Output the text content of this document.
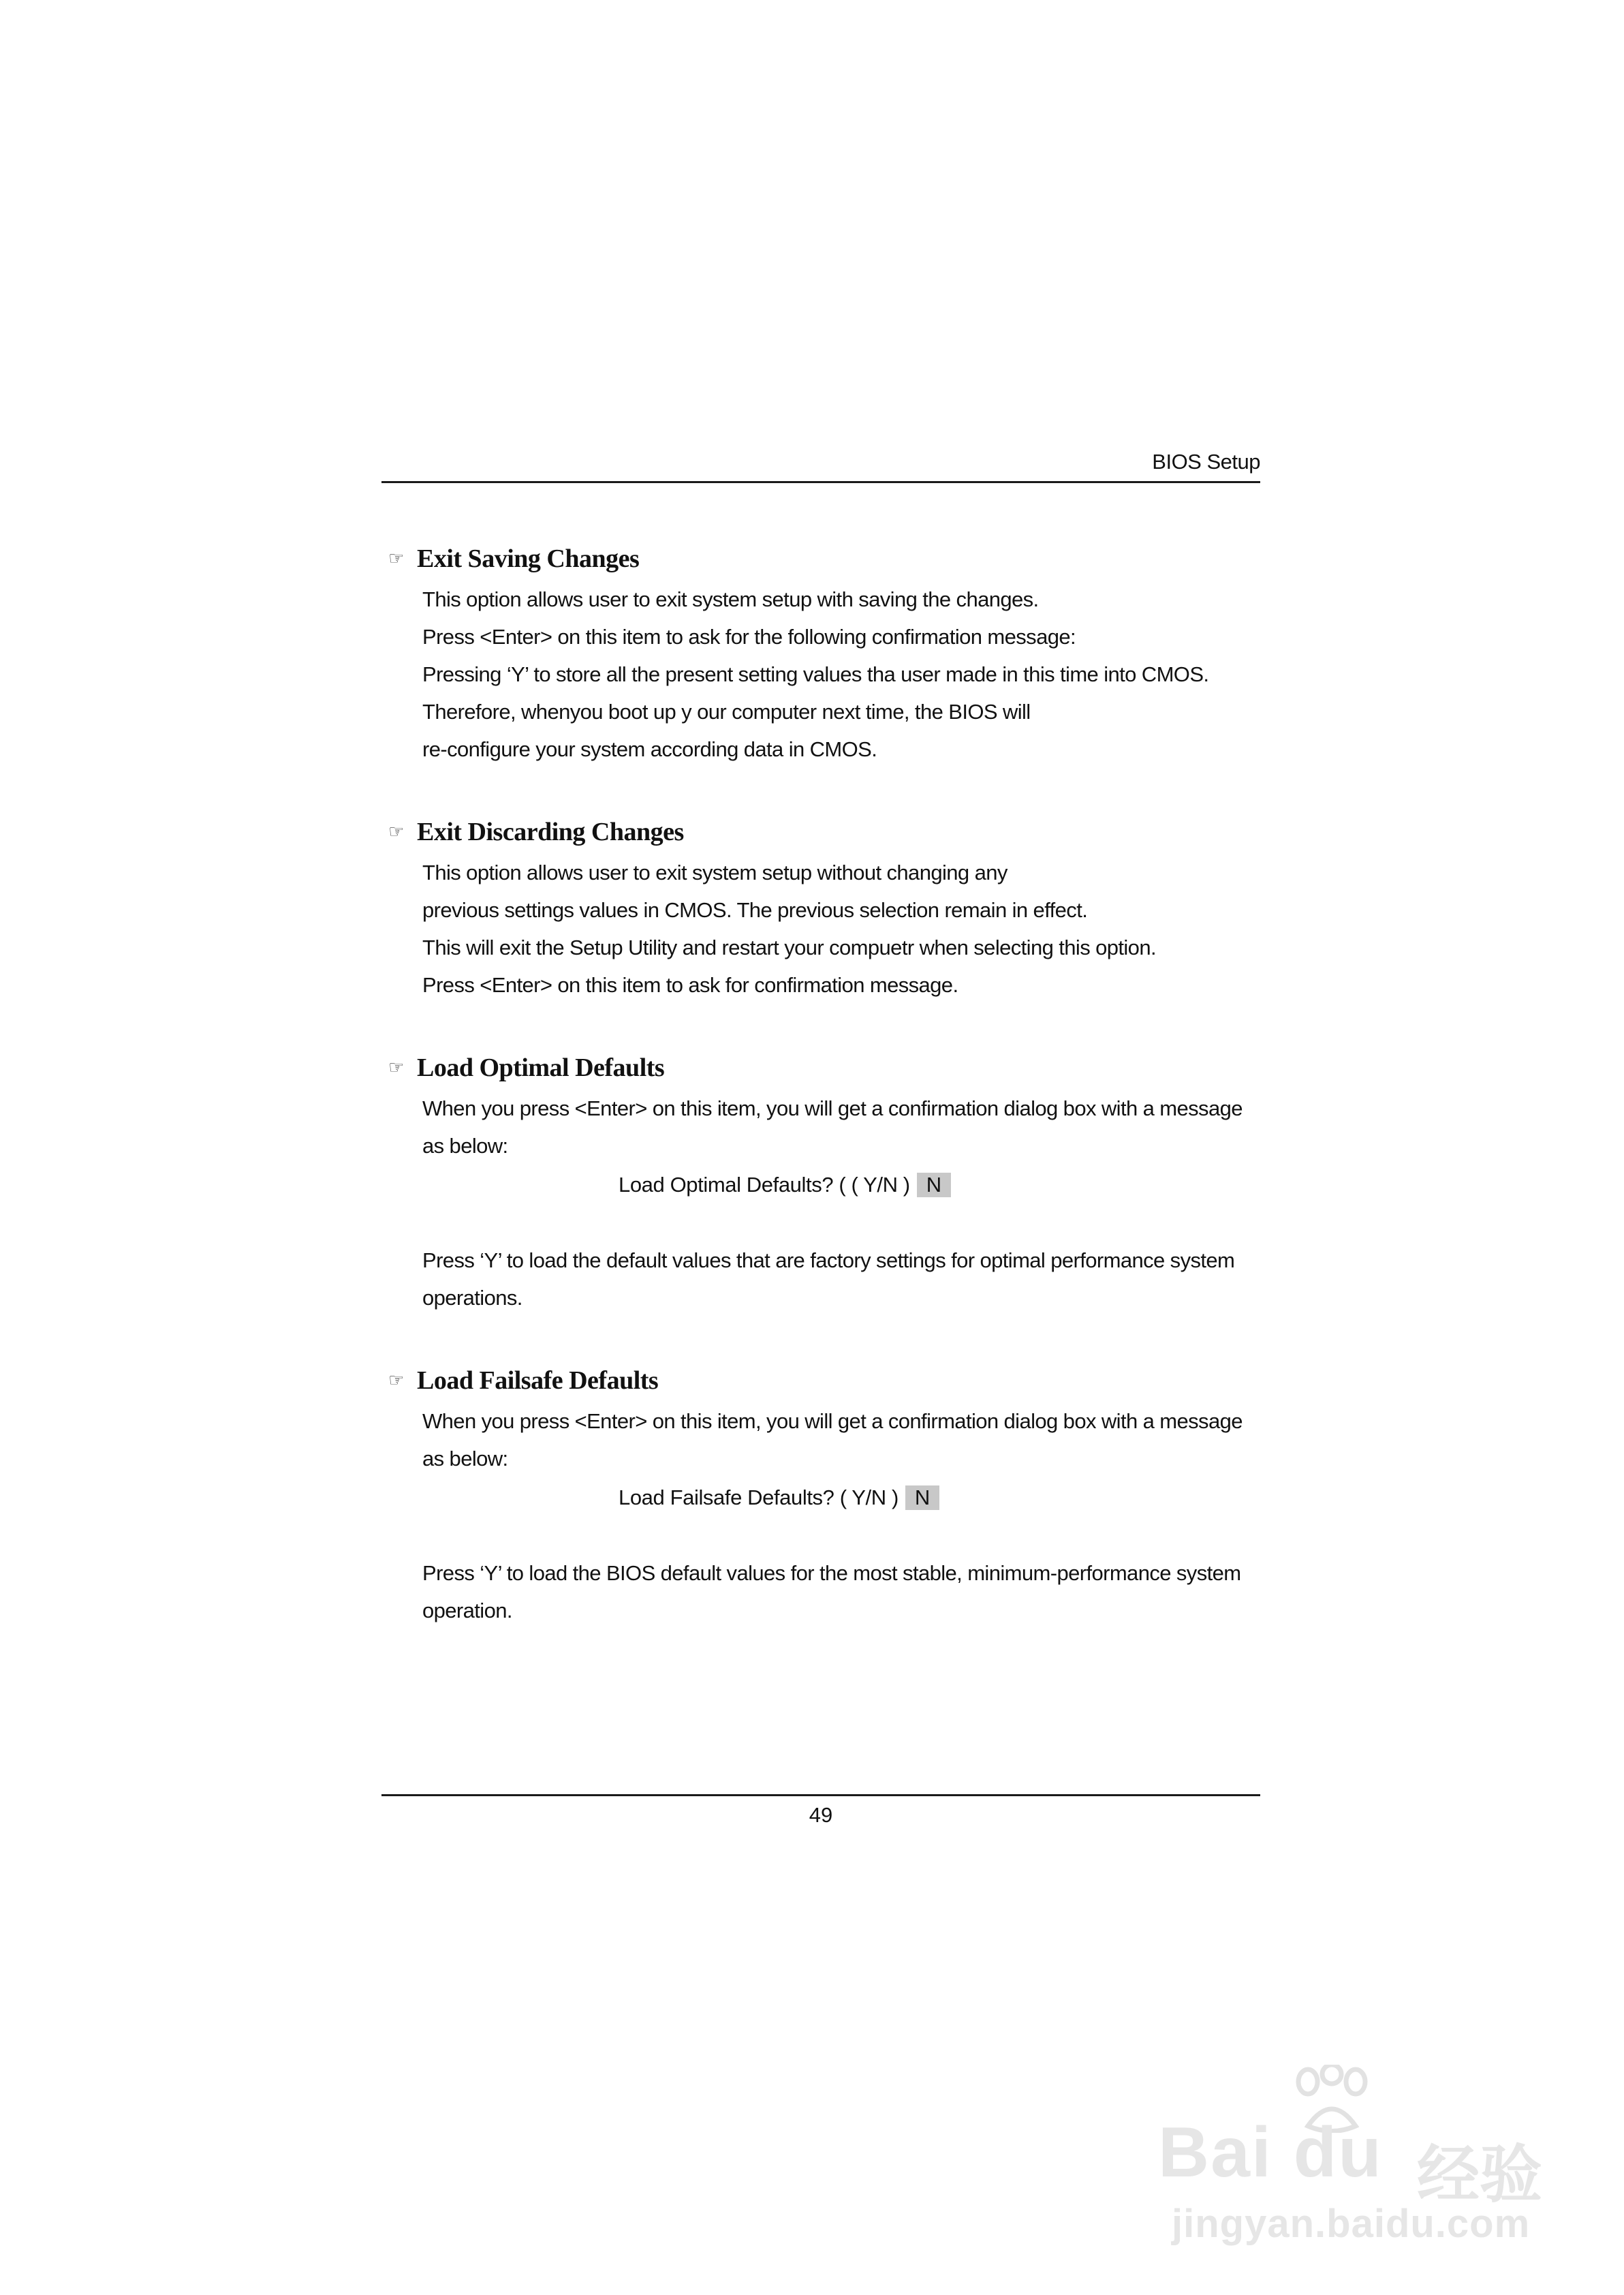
BIOS Setup
☞ Exit Saving Changes
This option allows user to exit system setup with saving the changes.
Press <Enter> on this item to ask for the following confirmation message:
Pressing ‘Y’ to store all the present setting values tha user made in this time into CMOS.
Therefore, whenyou boot up y our computer next time, the BIOS will
re-configure your system according data in CMOS.
☞ Exit Discarding Changes
This option allows user to exit system setup without changing any
previous settings values in CMOS. The previous selection remain in effect.
This will exit the Setup Utility and restart your compuetr when selecting this option.
Press <Enter> on this item to ask for confirmation message.
☞ Load Optimal Defaults
When you press <Enter> on this item, you will get a confirmation dialog box with a message
as below:
Load Optimal Defaults? ( ( Y/N ) N
Press ‘Y’ to load the default values that are factory settings for optimal performance system
operations.
☞ Load Failsafe Defaults
When you press <Enter> on this item, you will get a confirmation dialog box with a message
as below:
Load Failsafe Defaults? ( Y/N ) N
Press ‘Y’ to load the BIOS default values for the most stable, minimum-performance system
operation.
49
Bai du 经验
jingyan.baidu.com
